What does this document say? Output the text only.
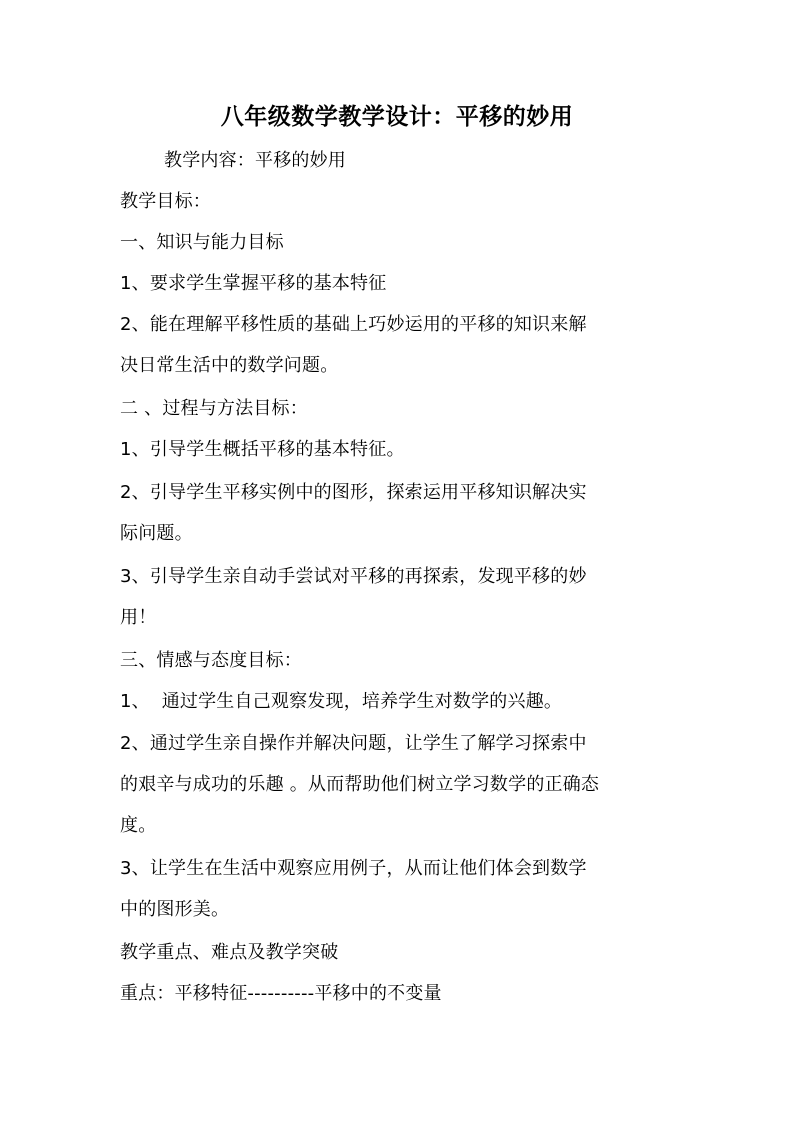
八年级数学教学设计：平移的妙用
教学内容：平移的妙用
教学目标：
一、知识与能力目标
1、要求学生掌握平移的基本特征
2、能在理解平移性质的基础上巧妙运用的平移的知识来解
决日常生活中的数学问题。
二 、过程与方法目标：
1、引导学生概括平移的基本特征。
2、引导学生平移实例中的图形，探索运用平移知识解决实
际问题。
3、引导学生亲自动手尝试对平移的再探索，发现平移的妙
用！
三、情感与态度目标：
1、  通过学生自己观察发现，培养学生对数学的兴趣。
2、通过学生亲自操作并解决问题，让学生了解学习探索中
的艰辛与成功的乐趣 。从而帮助他们树立学习数学的正确态
度。
3、让学生在生活中观察应用例子，从而让他们体会到数学
中的图形美。
教学重点、难点及教学突破
重点：平移特征----------平移中的不变量
